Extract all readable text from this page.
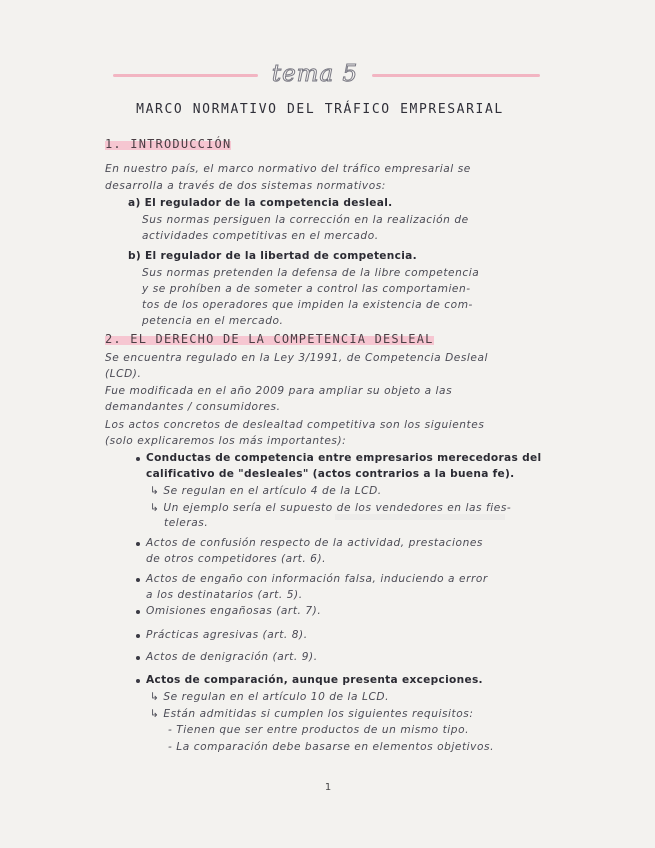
tema 5
MARCO NORMATIVO DEL TRÁFICO EMPRESARIAL
1. INTRODUCCIÓN
En nuestro país, el marco normativo del tráfico empresarial se
desarrolla a través de dos sistemas normativos:
a) El regulador de la competencia desleal.
Sus normas persiguen la corrección en la realización de
actividades competitivas en el mercado.
b) El regulador de la libertad de competencia.
Sus normas pretenden la defensa de la libre competencia
y se prohíben a de someter a control las comportamien-
tos de los operadores que impiden la existencia de com-
petencia en el mercado.
2. EL DERECHO DE LA COMPETENCIA DESLEAL
Se encuentra regulado en la Ley 3/1991, de Competencia Desleal
(LCD).
Fue modificada en el año 2009 para ampliar su objeto a las
demandantes / consumidores.
Los actos concretos de deslealtad competitiva son los siguientes
(solo explicaremos los más importantes):
Conductas de competencia entre empresarios merecedoras del
calificativo de "desleales" (actos contrarios a la buena fe).
↳ Se regulan en el artículo 4 de la LCD.
↳ Un ejemplo sería el supuesto de los vendedores en las fies-
teleras.
Actos de confusión respecto de la actividad, prestaciones
de otros competidores (art. 6).
Actos de engaño con información falsa, induciendo a error
a los destinatarios (art. 5).
Omisiones engañosas (art. 7).
Prácticas agresivas (art. 8).
Actos de denigración (art. 9).
Actos de comparación, aunque presenta excepciones.
↳ Se regulan en el artículo 10 de la LCD.
↳ Están admitidas si cumplen los siguientes requisitos:
- Tienen que ser entre productos de un mismo tipo.
- La comparación debe basarse en elementos objetivos.
1
